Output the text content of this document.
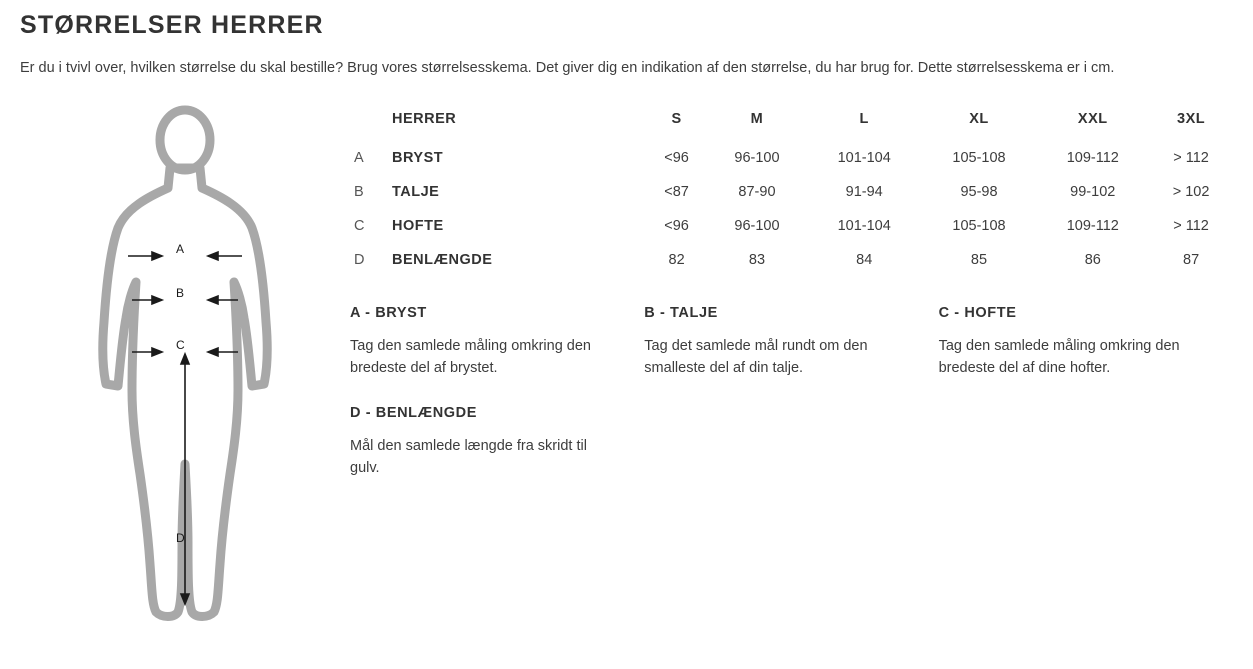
STØRRELSER HERRER

Er du i tvivl over, hvilken størrelse du skal bestille? Brug vores størrelsesskema. Det giver dig en indikation af den størrelse, du har brug for. Dette størrelsesskema er i cm.

A
B
C
D
	HERRER	S	M	L	XL	XXL	3XL
A	BRYST	<96	96-100	101-104	105-108	109-112	> 112
B	TALJE	<87	87-90	91-94	95-98	99-102	> 102
C	HOFTE	<96	96-100	101-104	105-108	109-112	> 112
D	BENLÆNGDE	82	83	84	85	86	87
A - BRYST
Tag den samlede måling omkring den bredeste del af brystet.
B - TALJE
Tag det samlede mål rundt om den smalleste del af din talje.
C - HOFTE
Tag den samlede måling omkring den bredeste del af dine hofter.
D - BENLÆNGDE
Mål den samlede længde fra skridt til gulv.
